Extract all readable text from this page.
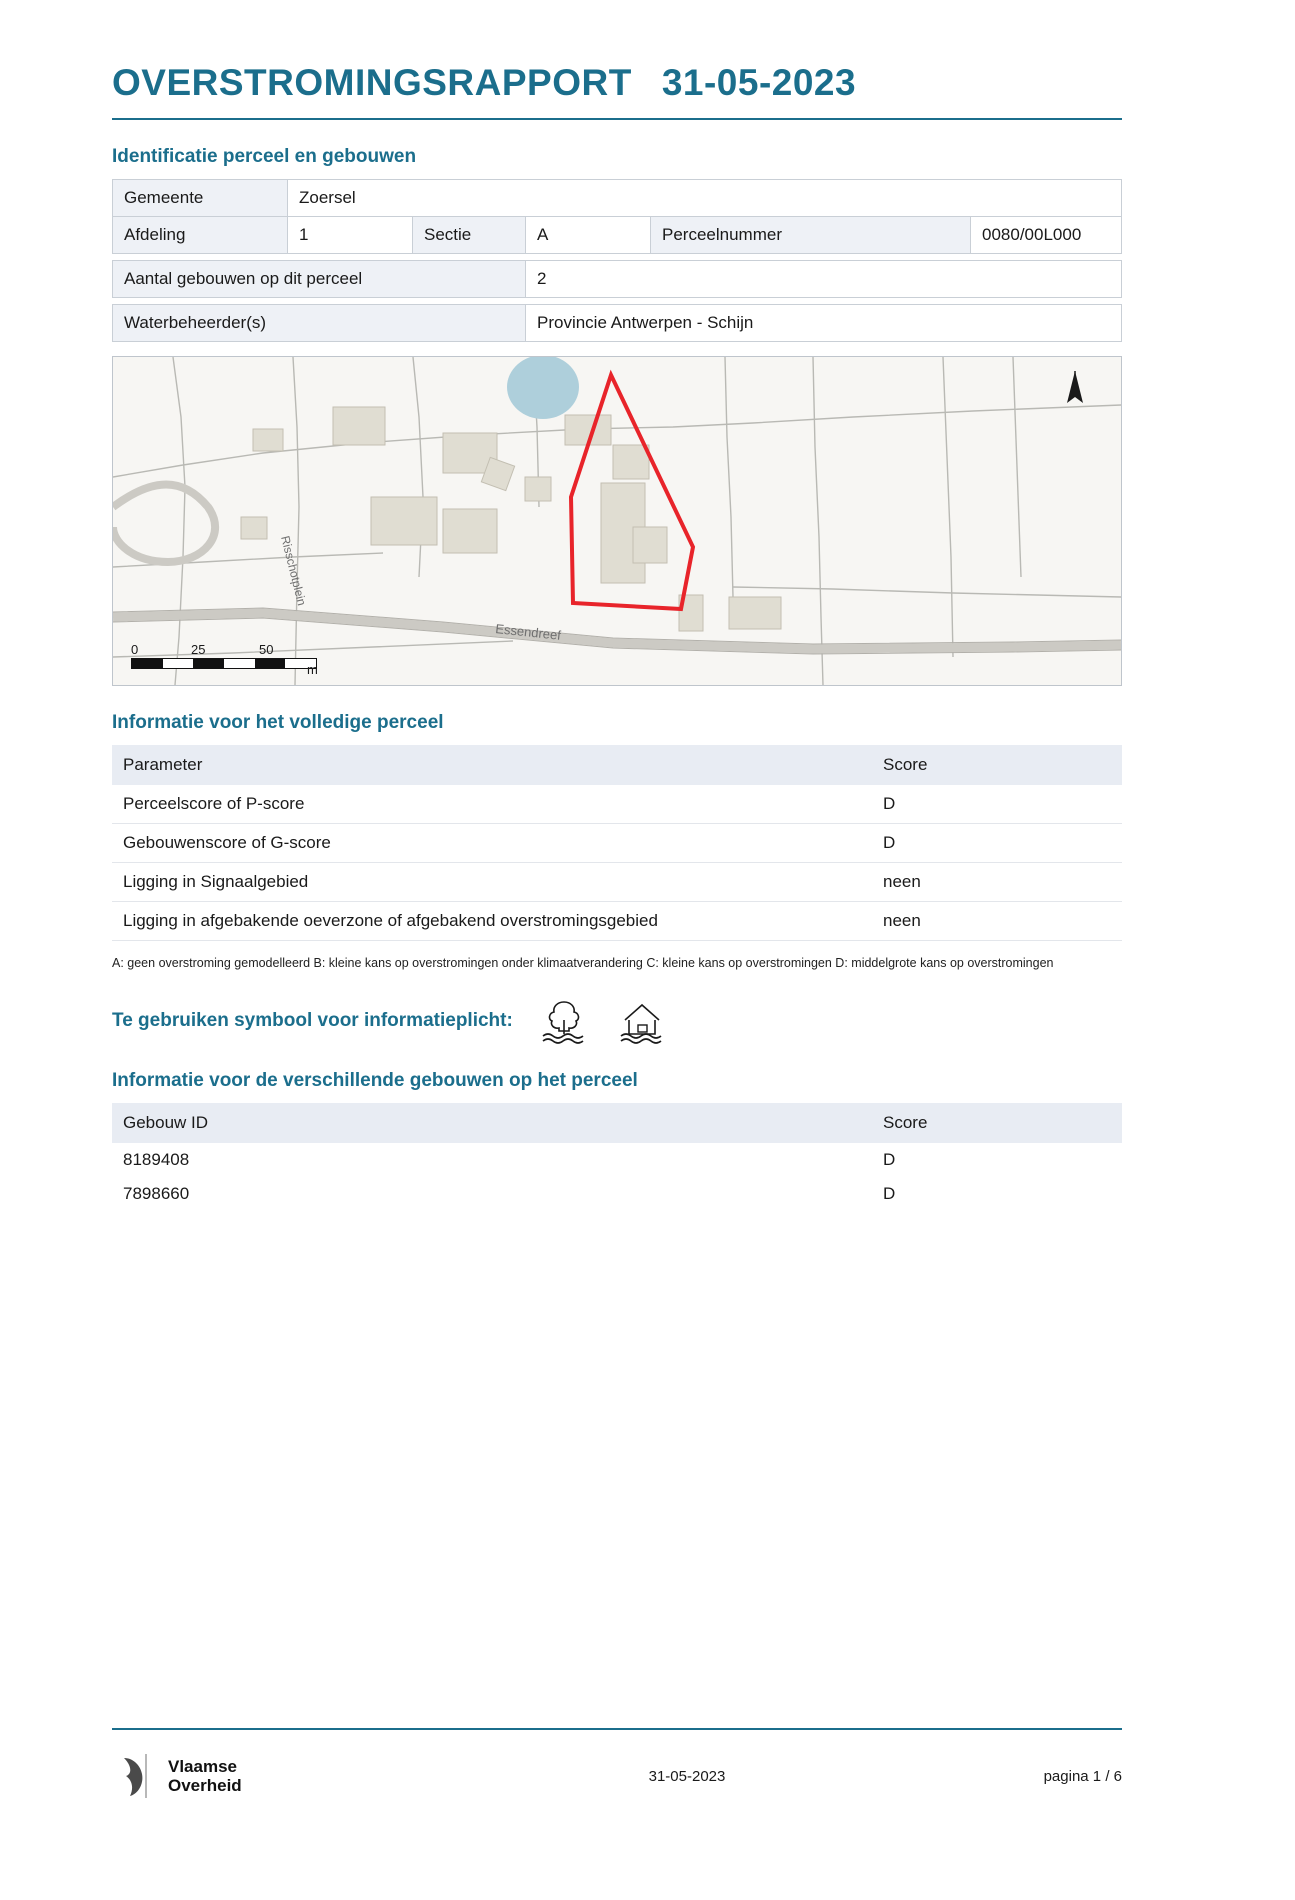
OVERSTROMINGSRAPPORT 31-05-2023
Identificatie perceel en gebouwen
Gemeente	Zoersel				
Afdeling	1	Sectie	A	Perceelnummer	0080/00L000

Aantal gebouwen op dit perceel			2		

Waterbeheerder(s)			Provincie Antwerpen - Schijn		
Risschotplein
Essendreef
0	25	50
m
Informatie voor het volledige perceel
Parameter	Score
Perceelscore of P-score	D
Gebouwenscore of G-score	D
Ligging in Signaalgebied	neen
Ligging in afgebakende oeverzone of afgebakend overstromingsgebied	neen
A: geen overstroming gemodelleerd B: kleine kans op overstromingen onder klimaatverandering C: kleine kans op overstromingen D: middelgrote kans op overstromingen
Te gebruiken symbool voor informatieplicht:
Informatie voor de verschillende gebouwen op het perceel
Gebouw ID	Score
8189408	D
7898660	D
Vlaamse
Overheid	31-05-2023	pagina 1 / 6
